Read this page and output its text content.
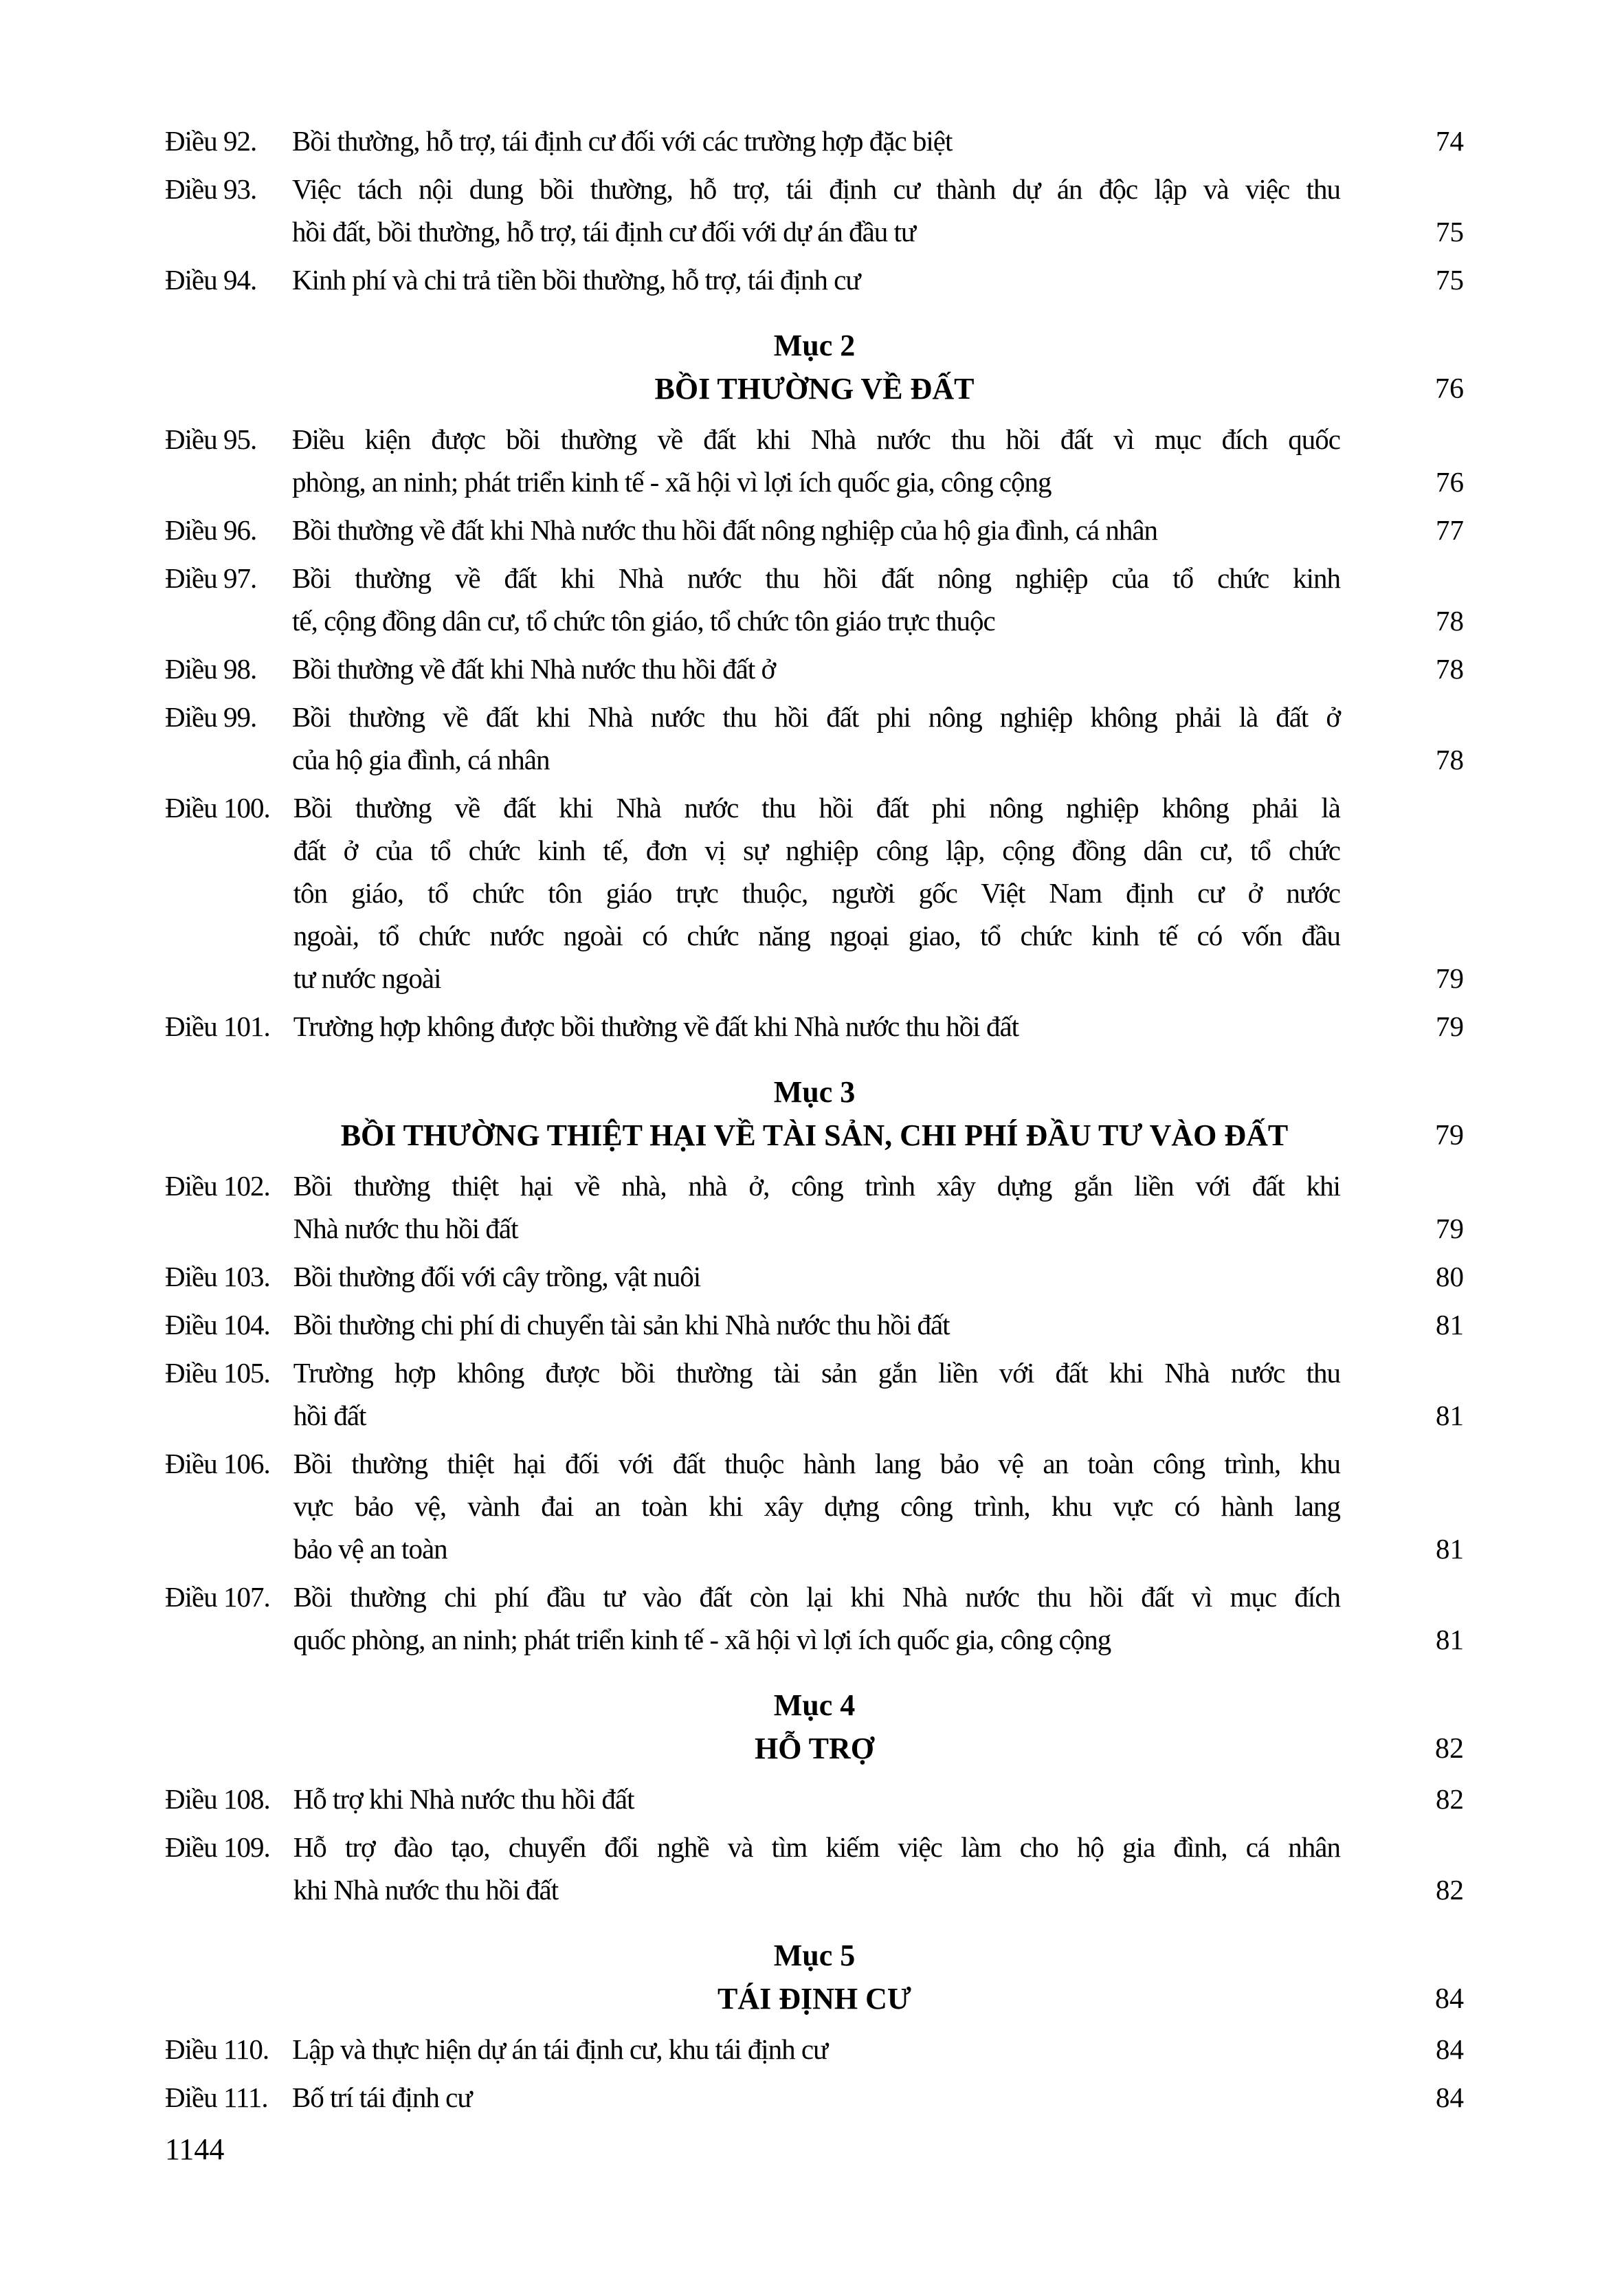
Điều 92.	Bồi thường, hỗ trợ, tái định cư đối với các trường hợp đặc biệt	74
Điều 93.	Việc tách nội dung bồi thường, hỗ trợ, tái định cư thành dự án độc lập và việc thu
hồi đất, bồi thường, hỗ trợ, tái định cư đối với dự án đầu tư	75
Điều 94.	Kinh phí và chi trả tiền bồi thường, hỗ trợ, tái định cư	75
Mục 2
BỒI THƯỜNG VỀ ĐẤT	76
Điều 95.	Điều kiện được bồi thường về đất khi Nhà nước thu hồi đất vì mục đích quốc
phòng, an ninh; phát triển kinh tế - xã hội vì lợi ích quốc gia, công cộng	76
Điều 96.	Bồi thường về đất khi Nhà nước thu hồi đất nông nghiệp của hộ gia đình, cá nhân	77
Điều 97.	Bồi thường về đất khi Nhà nước thu hồi đất nông nghiệp của tổ chức kinh
tế, cộng đồng dân cư, tổ chức tôn giáo, tổ chức tôn giáo trực thuộc	78
Điều 98.	Bồi thường về đất khi Nhà nước thu hồi đất ở	78
Điều 99.	Bồi thường về đất khi Nhà nước thu hồi đất phi nông nghiệp không phải là đất ở
của hộ gia đình, cá nhân	78
Điều 100. Bồi thường về đất khi Nhà nước thu hồi đất phi nông nghiệp không phải là
đất ở của tổ chức kinh tế, đơn vị sự nghiệp công lập, cộng đồng dân cư, tổ chức
tôn giáo, tổ chức tôn giáo trực thuộc, người gốc Việt Nam định cư ở nước
ngoài, tổ chức nước ngoài có chức năng ngoại giao, tổ chức kinh tế có vốn đầu
tư nước ngoài	79
Điều 101. Trường hợp không được bồi thường về đất khi Nhà nước thu hồi đất	79
Mục 3
BỒI THƯỜNG THIỆT HẠI VỀ TÀI SẢN, CHI PHÍ ĐẦU TƯ VÀO ĐẤT	79
Điều 102. Bồi thường thiệt hại về nhà, nhà ở, công trình xây dựng gắn liền với đất khi
Nhà nước thu hồi đất	79
Điều 103. Bồi thường đối với cây trồng, vật nuôi	80
Điều 104. Bồi thường chi phí di chuyển tài sản khi Nhà nước thu hồi đất	81
Điều 105. Trường hợp không được bồi thường tài sản gắn liền với đất khi Nhà nước thu
hồi đất	81
Điều 106. Bồi thường thiệt hại đối với đất thuộc hành lang bảo vệ an toàn công trình, khu
vực bảo vệ, vành đai an toàn khi xây dựng công trình, khu vực có hành lang
bảo vệ an toàn	81
Điều 107. Bồi thường chi phí đầu tư vào đất còn lại khi Nhà nước thu hồi đất vì mục đích
quốc phòng, an ninh; phát triển kinh tế - xã hội vì lợi ích quốc gia, công cộng	81
Mục 4
HỖ TRỢ	82
Điều 108. Hỗ trợ khi Nhà nước thu hồi đất	82
Điều 109. Hỗ trợ đào tạo, chuyển đổi nghề và tìm kiếm việc làm cho hộ gia đình, cá nhân
khi Nhà nước thu hồi đất	82
Mục 5
TÁI ĐỊNH CƯ	84
Điều 110. Lập và thực hiện dự án tái định cư, khu tái định cư	84
Điều 111. Bố trí tái định cư	84
1144
